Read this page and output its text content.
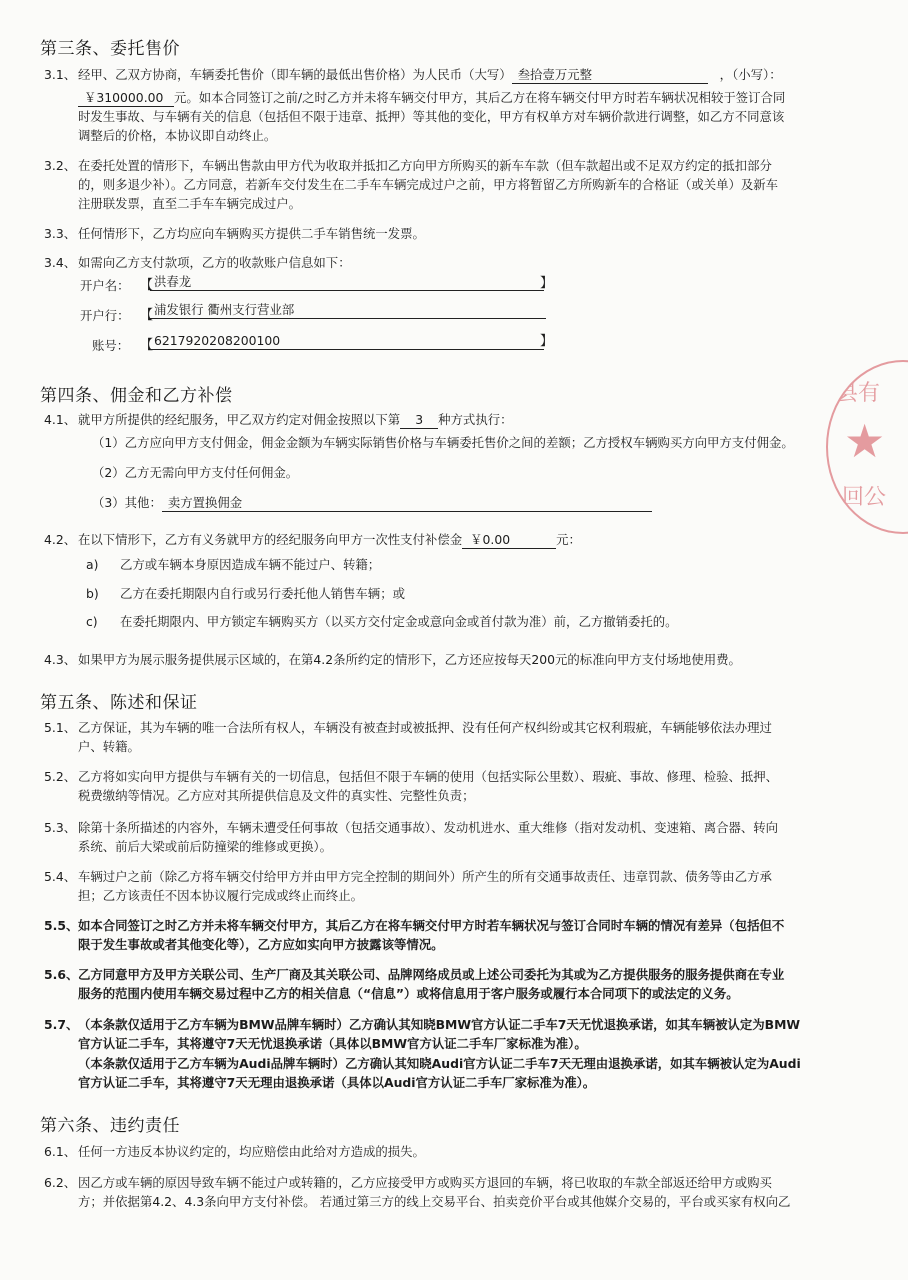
第三条、委托售价

3.1、 经甲、乙双方协商，车辆委托售价（即车辆的最低出售价格）为人民币（大写） 叁拾壹万元整	，（小写）：

￥310000.00 元。如本合同签订之前/之时乙方并未将车辆交付甲方，其后乙方在将车辆交付甲方时若车辆状况相较于签订合同

时发生事故、与车辆有关的信息（包括但不限于违章、抵押）等其他的变化，甲方有权单方对车辆价款进行调整，如乙方不同意该

调整后的价格，本协议即自动终止。

3.2、 在委托处置的情形下，车辆出售款由甲方代为收取并抵扣乙方向甲方所购买的新车车款（但车款超出或不足双方约定的抵扣部分

的，则多退少补）。乙方同意，若新车交付发生在二手车车辆完成过户之前，甲方将暂留乙方所购新车的合格证（或关单）及新车

注册联发票，直至二手车车辆完成过户。

3.3、 任何情形下，乙方均应向车辆购买方提供二手车销售统一发票。

3.4、 如需向乙方支付款项，乙方的收款账户信息如下：

开户名： 【 洪春龙	】
开户行： 【 浦发银行 衢州支行营业部
账号： 【 6217920208200100	】
第四条、佣金和乙方补偿

4.1、 就甲方所提供的经纪服务，甲乙双方约定对佣金按照以下第 3 种方式执行：

（1）乙方应向甲方支付佣金，佣金金额为车辆实际销售价格与车辆委托售价之间的差额；乙方授权车辆购买方向甲方支付佣金。

（2）乙方无需向甲方支付任何佣金。

（3）其他： 卖方置换佣金

4.2、 在以下情形下，乙方有义务就甲方的经纪服务向甲方一次性支付补偿金 ￥0.00	元：

a) 乙方或车辆本身原因造成车辆不能过户、转籍；
b) 乙方在委托期限内自行或另行委托他人销售车辆；或
c) 在委托期限内、甲方锁定车辆购买方（以买方交付定金或意向金或首付款为准）前，乙方撤销委托的。

4.3、 如果甲方为展示服务提供展示区域的，在第4.2条所约定的情形下，乙方还应按每天200元的标准向甲方支付场地使用费。

第五条、陈述和保证

5.1、 乙方保证，其为车辆的唯一合法所有权人，车辆没有被查封或被抵押、没有任何产权纠纷或其它权利瑕疵，车辆能够依法办理过

户、转籍。

5.2、 乙方将如实向甲方提供与车辆有关的一切信息，包括但不限于车辆的使用（包括实际公里数）、瑕疵、事故、修理、检验、抵押、

税费缴纳等情况。乙方应对其所提供信息及文件的真实性、完整性负责；

5.3、 除第十条所描述的内容外，车辆未遭受任何事故（包括交通事故）、发动机进水、重大维修（指对发动机、变速箱、离合器、转向

系统、前后大梁或前后防撞梁的维修或更换）。

5.4、 车辆过户之前（除乙方将车辆交付给甲方并由甲方完全控制的期间外）所产生的所有交通事故责任、违章罚款、债务等由乙方承

担；乙方该责任不因本协议履行完成或终止而终止。

5.5、如本合同签订之时乙方并未将车辆交付甲方，其后乙方在将车辆交付甲方时若车辆状况与签订合同时车辆的情况有差异（包括但不

限于发生事故或者其他变化等），乙方应如实向甲方披露该等情况。

5.6、乙方同意甲方及甲方关联公司、生产厂商及其关联公司、品牌网络成员或上述公司委托为其或为乙方提供服务的服务提供商在专业

服务的范围内使用车辆交易过程中乙方的相关信息（“信息”）或将信息用于客户服务或履行本合同项下的或法定的义务。

5.7、（本条款仅适用于乙方车辆为BMW品牌车辆时）乙方确认其知晓BMW官方认证二手车7天无忧退换承诺，如其车辆被认定为BMW

官方认证二手车，其将遵守7天无忧退换承诺（具体以BMW官方认证二手车厂家标准为准）。

（本条款仅适用于乙方车辆为Audi品牌车辆时）乙方确认其知晓Audi官方认证二手车7天无理由退换承诺，如其车辆被认定为Audi

官方认证二手车，其将遵守7天无理由退换承诺（具体以Audi官方认证二手车厂家标准为准）。

第六条、违约责任

6.1、 任何一方违反本协议约定的，均应赔偿由此给对方造成的损失。

6.2、 因乙方或车辆的原因导致车辆不能过户或转籍的，乙方应接受甲方或购买方退回的车辆，将已收取的车款全部返还给甲方或购买

方；并依据第4.2、4.3条向甲方支付补偿。 若通过第三方的线上交易平台、拍卖竞价平台或其他媒介交易的，平台或买家有权向乙

县有
★
回公
